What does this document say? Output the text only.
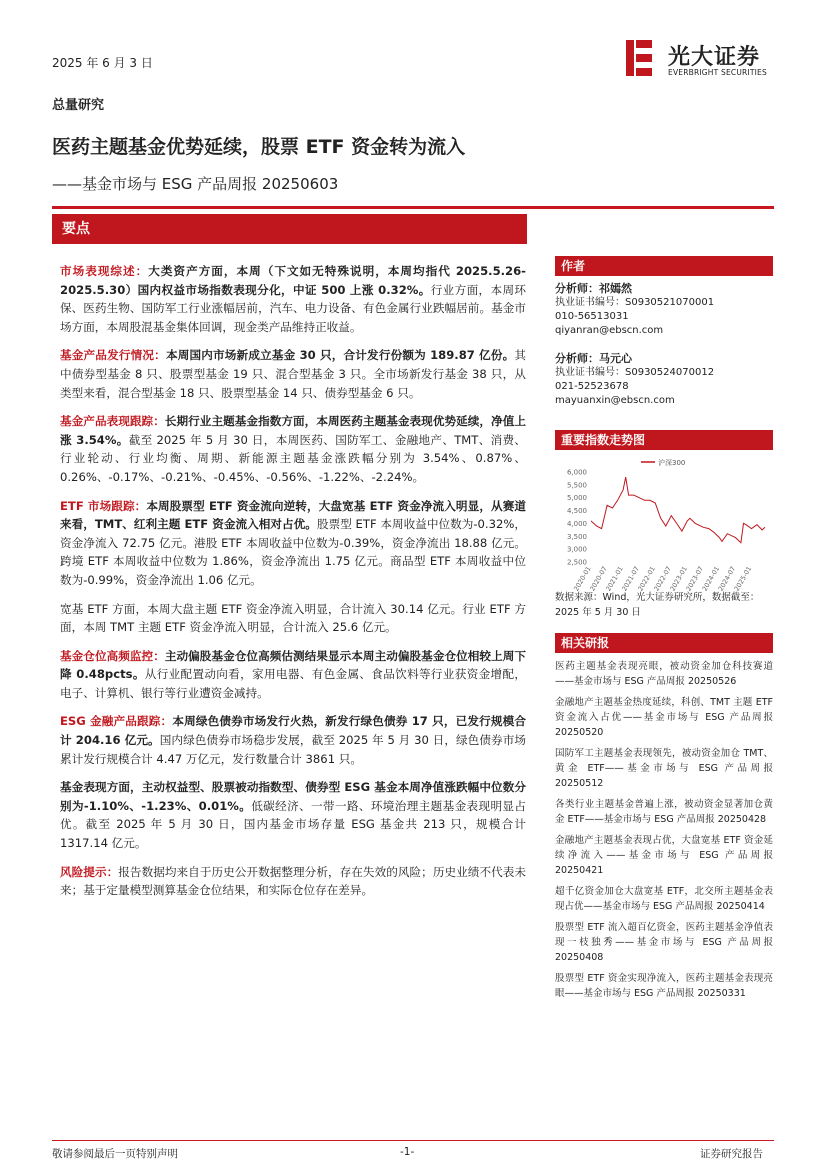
2025 年 6 月 3 日	光大证券
EVERBRIGHT SECURITIES
总量研究
医药主题基金优势延续，股票 ETF 资金转为流入
——基金市场与 ESG 产品周报 20250603
要点

市场表现综述：大类资产方面，本周（下文如无特殊说明，本周均指代 2025.5.26-2025.5.30）国内权益市场指数表现分化，中证 500 上涨 0.32%。行业方面，本周环保、医药生物、国防军工行业涨幅居前，汽车、电力设备、有色金属行业跌幅居前。基金市场方面，本周股混基金集体回调，现金类产品维持正收益。

基金产品发行情况：本周国内市场新成立基金 30 只，合计发行份额为 189.87 亿份。其中债券型基金 8 只、股票型基金 19 只、混合型基金 3 只。全市场新发行基金 38 只，从类型来看，混合型基金 18 只、股票型基金 14 只、债券型基金 6 只。

基金产品表现跟踪：长期行业主题基金指数方面，本周医药主题基金表现优势延续，净值上涨 3.54%。截至 2025 年 5 月 30 日，本周医药、国防军工、金融地产、TMT、消费、行业轮动、行业均衡、周期、新能源主题基金涨跌幅分别为 3.54%、0.87%、0.26%、-0.17%、-0.21%、-0.45%、-0.56%、-1.22%、-2.24%。

ETF 市场跟踪：本周股票型 ETF 资金流向逆转，大盘宽基 ETF 资金净流入明显，从赛道来看，TMT、红利主题 ETF 资金流入相对占优。股票型 ETF 本周收益中位数为-0.32%，资金净流入 72.75 亿元。港股 ETF 本周收益中位数为-0.39%，资金净流出 18.88 亿元。跨境 ETF 本周收益中位数为 1.86%，资金净流出 1.75 亿元。商品型 ETF 本周收益中位数为-0.99%，资金净流出 1.06 亿元。

宽基 ETF 方面，本周大盘主题 ETF 资金净流入明显，合计流入 30.14 亿元。行业 ETF 方面，本周 TMT 主题 ETF 资金净流入明显，合计流入 25.6 亿元。

基金仓位高频监控：主动偏股基金仓位高频估测结果显示本周主动偏股基金仓位相较上周下降 0.48pcts。从行业配置动向看，家用电器、有色金属、食品饮料等行业获资金增配，电子、计算机、银行等行业遭资金减持。

ESG 金融产品跟踪：本周绿色债券市场发行火热，新发行绿色债券 17 只，已发行规模合计 204.16 亿元。国内绿色债券市场稳步发展，截至 2025 年 5 月 30 日，绿色债券市场累计发行规模合计 4.47 万亿元，发行数量合计 3861 只。

基金表现方面，主动权益型、股票被动指数型、债券型 ESG 基金本周净值涨跌幅中位数分别为-1.10%、-1.23%、0.01%。低碳经济、一带一路、环境治理主题基金表现明显占优。截至 2025 年 5 月 30 日，国内基金市场存量 ESG 基金共 213 只，规模合计 1317.14 亿元。

风险提示：报告数据均来自于历史公开数据整理分析，存在失效的风险；历史业绩不代表未来；基于定量模型测算基金仓位结果，和实际仓位存在差异。

作者
分析师：祁嫣然
执业证书编号：S0930521070001
010-56513031
qiyanran@ebscn.com
分析师：马元心
执业证书编号：S0930524070012
021-52523678
mayuanxin@ebscn.com
重要指数走势图
沪深300
6,000
5,500
5,000
4,500
4,000
3,500
3,000
2,500
2020-01
2020-07
2021-01
2021-07
2022-01
2022-07
2023-01
2023-07
2024-01
2024-07
2025-01
数据来源：Wind，光大证券研究所，数据截至：2025 年 5 月 30 日
相关研报
医药主题基金表现亮眼，被动资金加仓科技赛道——基金市场与 ESG 产品周报 20250526
金融地产主题基金热度延续，科创、TMT 主题 ETF 资金流入占优——基金市场与 ESG 产品周报 20250520
国防军工主题基金表现领先，被动资金加仓 TMT、黄金 ETF——基金市场与 ESG 产品周报 20250512
各类行业主题基金普遍上涨，被动资金显著加仓黄金 ETF——基金市场与 ESG 产品周报 20250428
金融地产主题基金表现占优，大盘宽基 ETF 资金延续净流入——基金市场与 ESG 产品周报 20250421
超千亿资金加仓大盘宽基 ETF，北交所主题基金表现占优——基金市场与 ESG 产品周报 20250414
股票型 ETF 流入超百亿资金，医药主题基金净值表现一枝独秀——基金市场与 ESG 产品周报 20250408
股票型 ETF 资金实现净流入，医药主题基金表现亮眼——基金市场与 ESG 产品周报 20250331
敬请参阅最后一页特别声明	-1-	证券研究报告
